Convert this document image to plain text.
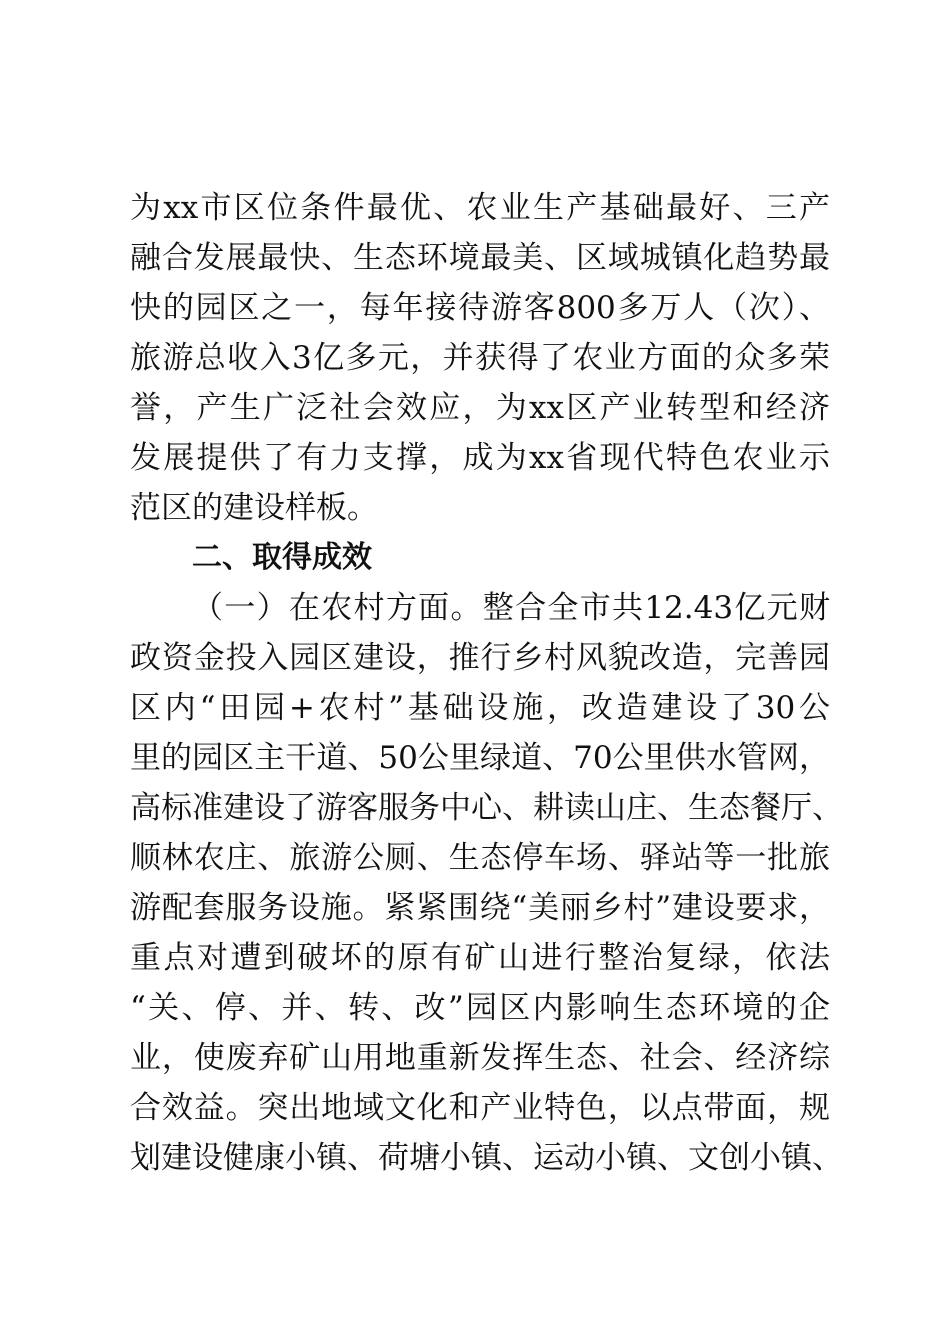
为xx市区位条件最优、农业生产基础最好、三产
融合发展最快、生态环境最美、区域城镇化趋势最
快的园区之一，每年接待游客800多万人（次）、
旅游总收入3亿多元，并获得了农业方面的众多荣
誉，产生广泛社会效应，为xx区产业转型和经济
发展提供了有力支撑，成为xx省现代特色农业示
范区的建设样板。
二、取得成效
（一）在农村方面。整合全市共12.43亿元财
政资金投入园区建设，推行乡村风貌改造，完善园
区内“田园+农村”基础设施，改造建设了30公
里的园区主干道、50公里绿道、70公里供水管网，
高标准建设了游客服务中心、耕读山庄、生态餐厅、
顺林农庄、旅游公厕、生态停车场、驿站等一批旅
游配套服务设施。紧紧围绕“美丽乡村”建设要求，
重点对遭到破坏的原有矿山进行整治复绿，依法
“关、停、并、转、改”园区内影响生态环境的企
业，使废弃矿山用地重新发挥生态、社会、经济综
合效益。突出地域文化和产业特色，以点带面，规
划建设健康小镇、荷塘小镇、运动小镇、文创小镇、
